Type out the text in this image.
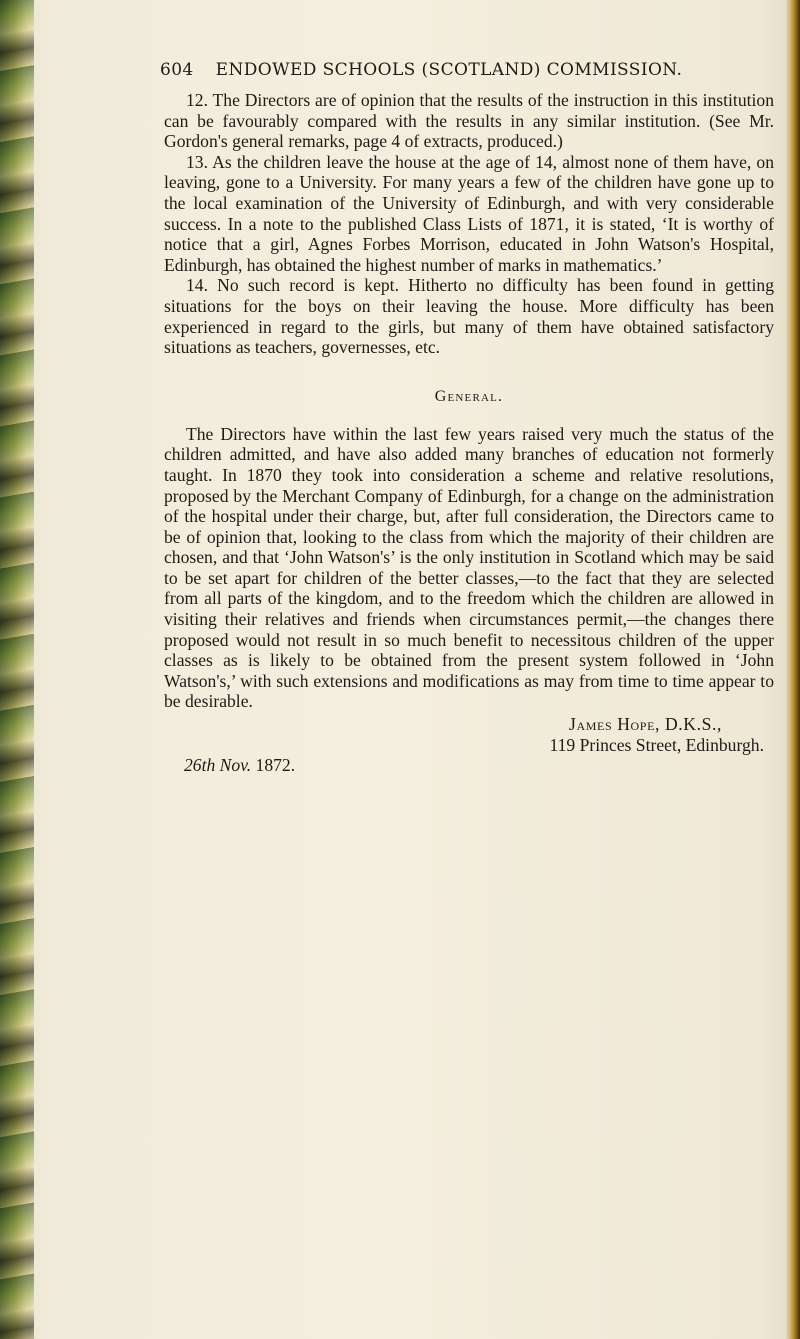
604 ENDOWED SCHOOLS (SCOTLAND) COMMISSION.

12. The Directors are of opinion that the results of the instruction in this institution can be favourably compared with the results in any similar institution. (See Mr. Gordon's general remarks, page 4 of extracts, produced.)

13. As the children leave the house at the age of 14, almost none of them have, on leaving, gone to a University. For many years a few of the children have gone up to the local examination of the University of Edinburgh, and with very considerable success. In a note to the published Class Lists of 1871, it is stated, ‘It is worthy of notice that a girl, Agnes Forbes Morrison, educated in John Watson's Hospital, Edinburgh, has obtained the highest number of marks in mathematics.’

14. No such record is kept. Hitherto no difficulty has been found in getting situations for the boys on their leaving the house. More difficulty has been experienced in regard to the girls, but many of them have obtained satisfactory situations as teachers, governesses, etc.

General.

The Directors have within the last few years raised very much the status of the children admitted, and have also added many branches of education not formerly taught. In 1870 they took into consideration a scheme and relative resolutions, proposed by the Merchant Company of Edinburgh, for a change on the administration of the hospital under their charge, but, after full consideration, the Directors came to be of opinion that, looking to the class from which the majority of their children are chosen, and that ‘John Watson's’ is the only institution in Scotland which may be said to be set apart for children of the better classes,—to the fact that they are selected from all parts of the kingdom, and to the freedom which the children are allowed in visiting their relatives and friends when circumstances permit,—the changes there proposed would not result in so much benefit to necessitous children of the upper classes as is likely to be obtained from the present system followed in ‘John Watson's,’ with such extensions and modifications as may from time to time appear to be desirable.

James Hope, D.K.S.,
119 Princes Street, Edinburgh.
26th Nov. 1872.
